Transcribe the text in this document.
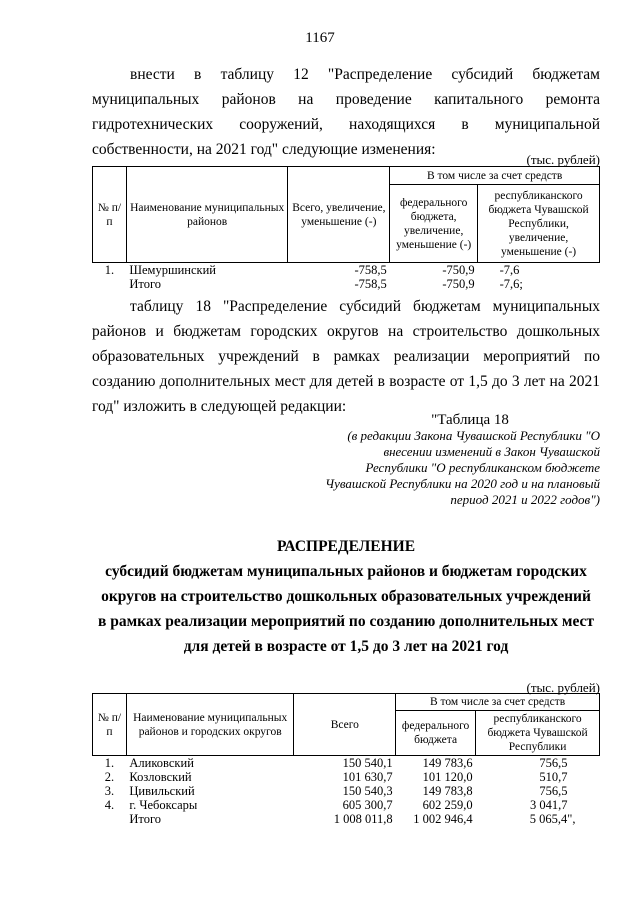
1167
внести в таблицу 12 "Распределение субсидий бюджетам муниципальных районов на проведение капитального ремонта гидротехнических сооружений, находящихся в муниципальной собственности, на 2021 год" следующие изменения:
(тыс. рублей)
№ п/п	Наименование муниципальных районов	Всего, увеличение, уменьшение (-)	В том числе за счет средств	
			федерального бюджета, увеличение, уменьшение (-)	республиканского бюджета Чувашской Республики, увеличение, уменьшение (-)
1.	Шемуршинский	-758,5	-750,9	-7,6
	Итого	-758,5	-750,9	-7,6;
таблицу 18 "Распределение субсидий бюджетам муниципальных районов и бюджетам городских округов на строительство дошкольных образовательных учреждений в рамках реализации мероприятий по созданию дополнительных мест для детей в возрасте от 1,5 до 3 лет на 2021 год" изложить в следующей редакции:
"Таблица 18
(в редакции Закона Чувашской Республики "О внесении изменений в Закон Чувашской Республики "О республиканском бюджете Чувашской Республики на 2020 год и на плановый период 2021 и 2022 годов")
РАСПРЕДЕЛЕНИЕ
субсидий бюджетам муниципальных районов и бюджетам городских
округов на строительство дошкольных образовательных учреждений
в рамках реализации мероприятий по созданию дополнительных мест
для детей в возрасте от 1,5 до 3 лет на 2021 год
(тыс. рублей)
№ п/п	Наименование муниципальных районов и городских округов	Всего	В том числе за счет средств	
			федерального бюджета	республиканского бюджета Чувашской Республики
1.	Аликовский	150 540,1	149 783,6	756,5
2.	Козловский	101 630,7	101 120,0	510,7
3.	Цивильский	150 540,3	149 783,8	756,5
4.	г. Чебоксары	605 300,7	602 259,0	3 041,7
	Итого	1 008 011,8	1 002 946,4	5 065,4",
